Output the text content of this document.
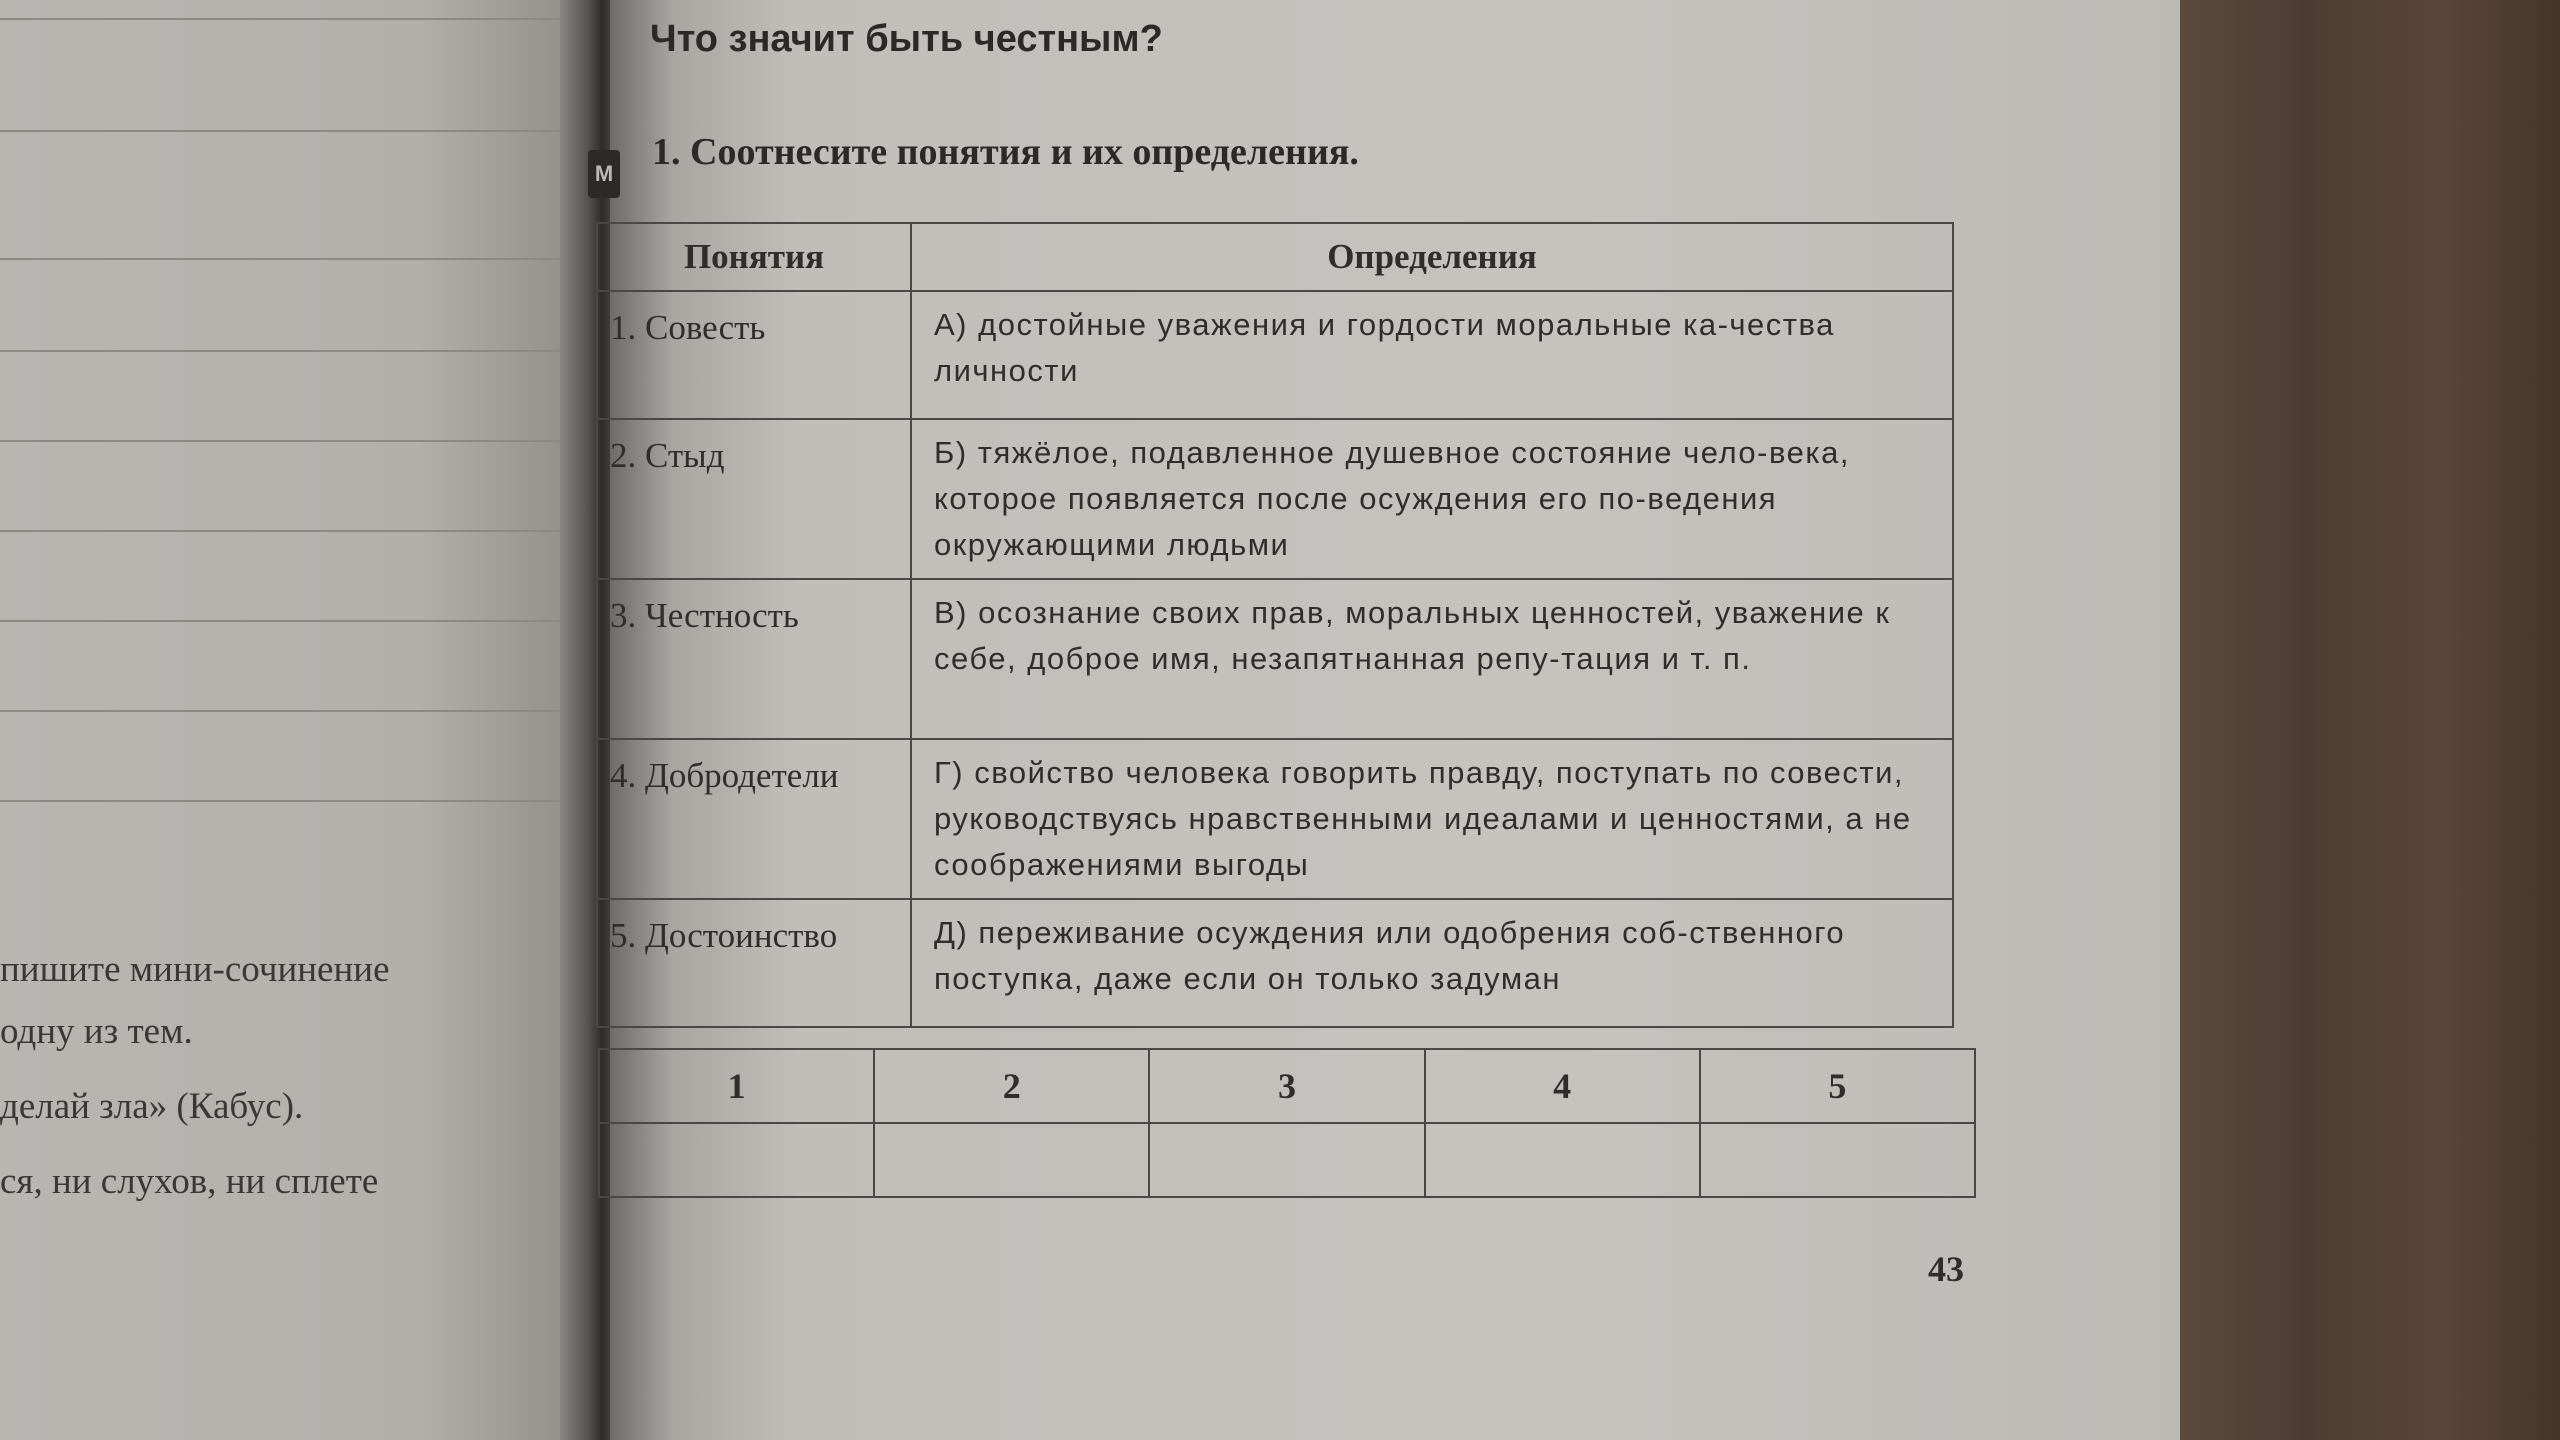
пишите мини-сочинение
одну из тем.
делай зла» (Кабус).
ся, ни слухов, ни сплете
Что значит быть честным?
М
1. Соотнесите понятия и их определения.
Понятия	Определения
1. Совесть	А) достойные уважения и гордости моральные ка-чества личности
2. Стыд	Б) тяжёлое, подавленное душевное состояние чело-века, которое появляется после осуждения его по-ведения окружающими людьми
3. Честность	В) осознание своих прав, моральных ценностей, уважение к себе, доброе имя, незапятнанная репу-тация и т. п.
4. Добродетели	Г) свойство человека говорить правду, поступать по совести, руководствуясь нравственными идеалами и ценностями, а не соображениями выгоды
5. Достоинство	Д) переживание осуждения или одобрения соб-ственного поступка, даже если он только задуман
1	2	3	4	5

43
